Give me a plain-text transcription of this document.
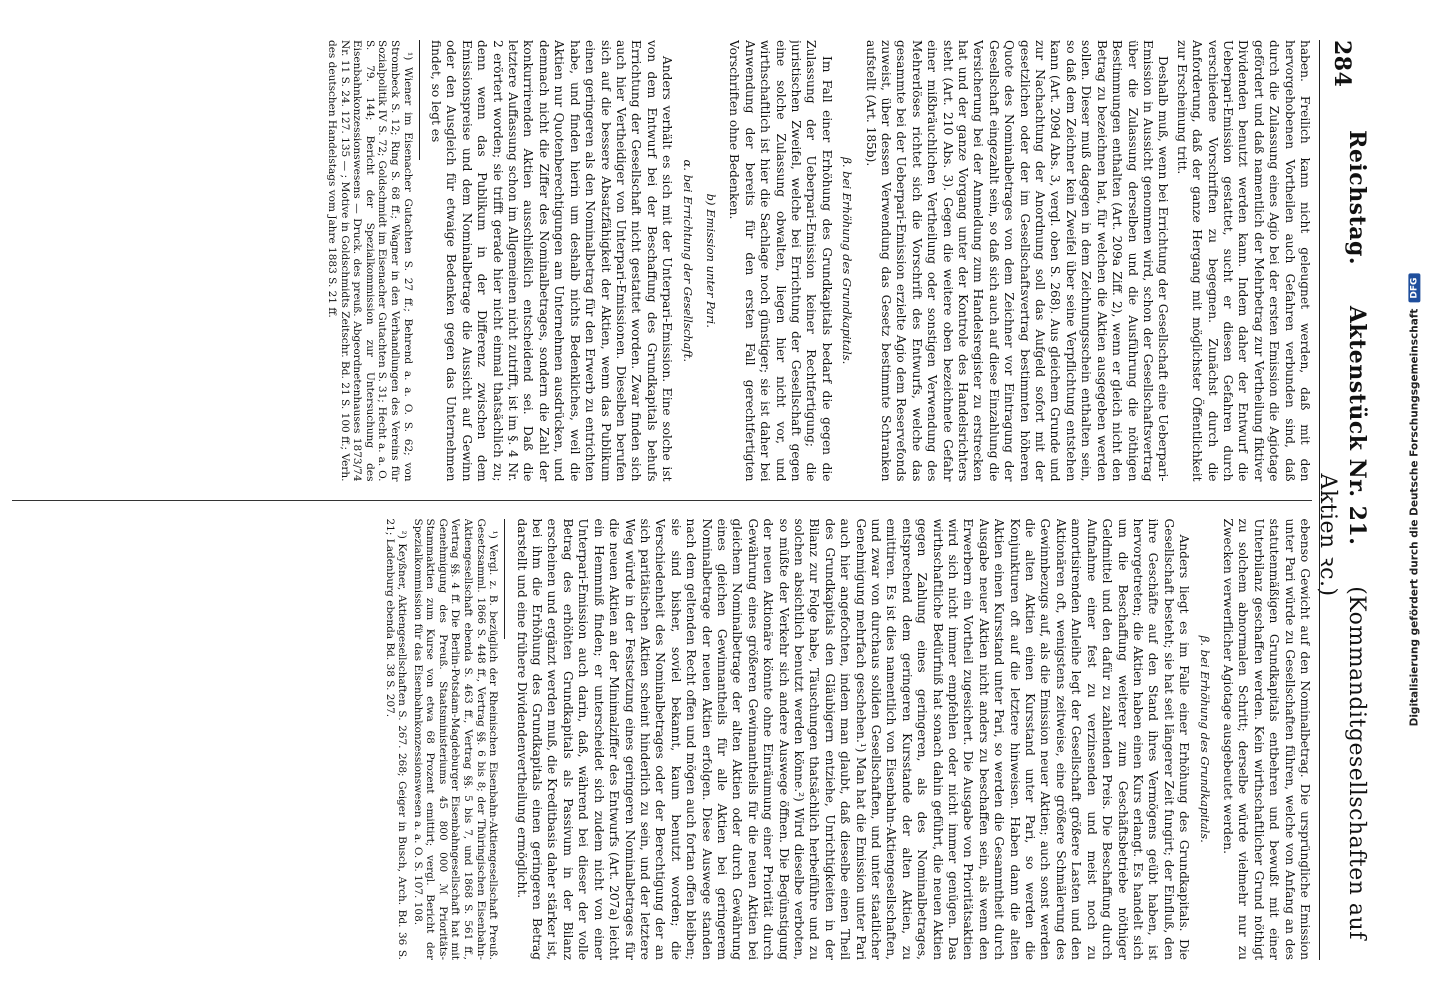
284
Reichstag.     Aktenstück Nr. 21.     (Kommanditgesellschaften auf Aktien ꝛc.)

haben. Freilich kann nicht geleugnet werden, daß mit den hervorgehobenen Vortheilen auch Gefahren verbunden sind, daß durch die Zulassung eines Agio bei der ersten Emission die Agiotage gefördert und daß namentlich der Mehrbetrag zur Vertheilung fiktiver Dividenden benutzt werden kann. Indem daher der Entwurf die Ueberpari-Emission gestattet, sucht er diesen Gefahren durch verschiedene Vorschriften zu begegnen. Zunächst durch die Anforderung, daß der ganze Hergang mit möglichster Öffentlichkeit zur Erscheinung tritt.

Deshalb muß, wenn bei Errichtung der Gesellschaft eine Ueberpari-Emission in Aussicht genommen wird, schon der Gesellschaftsvertrag über die Zulassung derselben und die Ausführung die nöthigen Bestimmungen enthalten (Art. 209a Ziff. 2), wenn er gleich nicht den Betrag zu bezeichnen hat, für welchen die Aktien ausgegeben werden sollen. Dieser muß dagegen in dem Zeichnungsschein enthalten sein, so daß dem Zeichner kein Zweifel über seine Verpflichtung entstehen kann (Art. 209d Abs. 3, vergl. oben S. 268). Aus gleichem Grunde und zur Nachachtung der Anordnung soll das Aufgeld sofort mit der gesetzlichen oder der im Gesellschaftsvertrag bestimmten höheren Quote des Nominalbetrages von dem Zeichner vor Eintragung der Gesellschaft eingezahlt sein, so daß sich auch auf diese Einzahlung die Versicherung bei der Anmeldung zum Handelsregister zu erstrecken hat und der ganze Vorgang unter der Kontrole des Handelsrichters steht (Art. 210 Abs. 3). Gegen die weitere oben bezeichnete Gefahr einer mißbräuchlichen Vertheilung oder sonstigen Verwendung des Mehrerlöses richtet sich die Vorschrift des Entwurfs, welche das gesammte bei der Ueberpari-Emission erzielte Agio dem Reservefonds zuweist, über dessen Verwendung das Gesetz bestimmte Schranken aufstellt (Art. 185b).

β. bei Erhöhung des Grundkapitals.

Im Fall einer Erhöhung des Grundkapitals bedarf die gegen die Zulassung der Ueberpari-Emission keiner Rechtfertigung; die juristischen Zweifel, welche bei Errichtung der Gesellschaft gegen eine solche Zulassung obwalten, liegen hier nicht vor, und wirthschaftlich ist hier die Sachlage noch günstiger; sie ist daher bei Anwendung der bereits für den ersten Fall gerechtfertigten Vorschriften ohne Bedenken.

b) Emission unter Pari.
α. bei Errichtung der Gesellschaft.

Anders verhält es sich mit der Unterpari-Emission. Eine solche ist von dem Entwurf bei der Beschaffung des Grundkapitals behufs Errichtung der Gesellschaft nicht gestattet worden. Zwar finden sich auch hier Vertheidiger von Unterpari-Emissionen. Dieselben berufen sich auf die bessere Absatzfähigkeit der Aktien, wenn das Publikum einen geringeren als den Nominalbetrag für den Erwerb zu entrichten habe, und finden hierin um deshalb nichts Bedenkliches, weil die Aktien nur Quotenberechtigungen am Unternehmen ausdrücken, und demnach nicht die Ziffer des Nominalbetrages, sondern die Zahl der konkurrirenden Aktien ausschließlich entscheidend sei. Daß die letztere Auffassung schon im Allgemeinen nicht zutrifft, ist im §. 4 Nr. 2 erörtert worden; sie trifft gerade hier nicht einmal thatsächlich zu; denn wenn das Publikum in der Differenz zwischen dem Emissionspreise und dem Nominalbetrage die Aussicht auf Gewinn oder den Ausgleich für etwaige Bedenken gegen das Unternehmen findet, so legt es

¹) Wiener im Eisenacher Gutachten S. 27 ff.; Behrend a. a. O. S. 62; von Strombeck S. 12; Ring S. 68 ff.; Wagner in den Verhandlungen des Vereins für Sozialpolitik IV S. 72; Goldschmidt im Eisenacher Gutachten S. 31; Hecht a. a. O. S. 79. 144; Bericht der Spezialkommission zur Untersuchung des Eisenbahnkonzessionswesens — Druck. des preuß. Abgeordnetenhauses 1873/74 Nr. 11 S. 24. 127. 135 — ; Motive in Goldschmidts Zeitschr. Bd. 21 S. 100 ff.; Verh. des deutschen Handelstags vom Jahre 1883 S. 21 ff.

ebenso Gewicht auf den Nominalbetrag. Die ursprüngliche Emission unter Pari würde zu Gesellschaften führen, welche von Anfang an des statutenmäßigen Grundkapitals entbehren und bewußt mit einer Unterbilanz geschaffen werden. Kein wirthschaftlicher Grund nöthigt zu solchem abnormalen Schritt; derselbe würde vielmehr nur zu Zwecken verwerflicher Agiotage ausgebeutet werden.

β. bei Erhöhung des Grundkapitals.

Anders liegt es im Falle einer Erhöhung des Grundkapitals. Die Gesellschaft besteht; sie hat seit längerer Zeit fungirt; der Einfluß, den ihre Geschäfte auf den Stand ihres Vermögens geübt haben, ist hervorgetreten; die Aktien haben einen Kurs erlangt. Es handelt sich um die Beschaffung weiterer zum Geschäftsbetriebe nöthiger Geldmittel und den dafür zu zahlenden Preis. Die Beschaffung durch Aufnahme einer fest zu verzinsenden und meist noch zu amortisirenden Anleihe legt der Gesellschaft größere Lasten und den Aktionären oft, wenigstens zeitweise, eine größere Schmälerung des Gewinnbezugs auf, als die Emission neuer Aktien; auch sonst werden die alten Aktien einen Kursstand unter Pari, so werden die Konjunkturen oft auf die letztere hinweisen. Haben dann die alten Aktien einen Kursstand unter Pari, so werden die Gesammtheit durch Ausgabe neuer Aktien nicht anders zu beschaffen sein, als wenn den Erwerbern ein Vortheil zugesichert. Die Ausgabe von Prioritätsaktien wird sich nicht immer empfehlen oder nicht immer genügen. Das wirthschaftliche Bedürfniß hat sonach dahin geführt, die neuen Aktien gegen Zahlung eines geringeren, als des Nominalbetrages, entsprechend dem geringeren Kursstande der alten Aktien, zu emittiren. Es ist dies namentlich von Eisenbahn-Aktiengesellschaften, und zwar von durchaus soliden Gesellschaften, und unter staatlicher Genehmigung mehrfach geschehen.¹) Man hat die Emission unter Pari auch hier angefochten, indem man glaubt, daß dieselbe einen Theil des Grundkapitals den Gläubigern entziehe, Unrichtigkeiten in der Bilanz zur Folge habe, Täuschungen thatsächlich herbeiführe und zu solchen absichtlich benutzt werden könne.²) Wird dieselbe verboten, so müßte der Verkehr sich andere Auswege öffnen. Die Begünstigung der neuen Aktionäre könnte ohne Einräumung einer Priorität durch Gewährung eines größeren Gewinnantheils für die neuen Aktien bei gleichem Nominalbetrage der alten Aktien oder durch Gewährung eines gleichen Gewinnantheils für alle Aktien bei geringerem Nominalbetrage der neuen Aktien erfolgen. Diese Auswege standen nach dem geltenden Recht offen und mögen auch fortan offen bleiben; sie sind bisher, soviel bekannt, kaum benutzt worden; die Verschiedenheit des Nominalbetrages oder der Berechtigung der an sich paritätischen Aktien scheint hinderlich zu sein, und der letztere Weg würde in der Festsetzung eines geringeren Nominalbetrages für die neuen Aktien an der Minimalziffer des Entwurfs (Art. 207a) leicht ein Hemmniß finden; er unterscheidet sich zudem nicht von einer Unterpari-Emission auch darin, daß, während bei dieser der volle Betrag des erhöhten Grundkapitals als Passivum in der Bilanz erscheinen und ergänzt werden muß, die Kreditbasis daher stärker ist, bei ihm die Erhöhung des Grundkapitals einen geringeren Betrag darstellt und eine frühere Dividendenvertheilung ermöglicht.

¹) Vergl. z. B. bezüglich der Rheinischen Eisenbahn-Aktiengesellschaft Preuß. Gesetzsamml. 1866 S. 448 ff., Vertrag §§. 6 bis 8; der Thüringischen Eisenbahn-Aktiengesellschaft ebenda S. 463 ff., Vertrag §§. 5 bis 7, und 1868 S. 561 ff., Vertrag §§. 4 ff. Die Berlin-Potsdam-Magdeburger Eisenbahngesellschaft hat mit Genehmigung des Preuß. Staatsministeriums 45 800 000 ℳ Prioritäts-Stammaktien zum Kurse von etwa 68 Prozent emittirt; vergl. Bericht der Spezialkommission für das Eisenbahnkonzessionswesen a. a. O. S. 107. 108.

²) Keyßner, Aktiengesellschaften S. 267. 268; Geiger in Busch, Arch. Bd. 36 S. 21; Ladenburg ebenda Bd. 38 S. 207.	Digitalisierung gefördert durch die Deutsche Forschungsgemeinschaft
DFG
